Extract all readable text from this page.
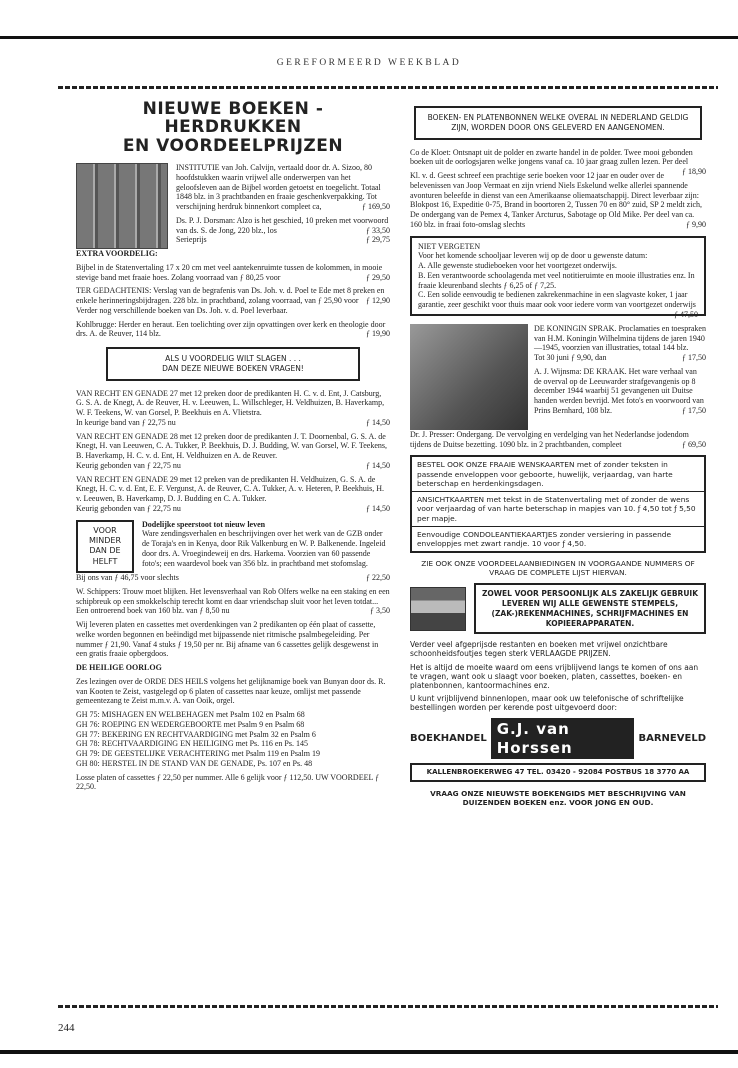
GEREFORMEERD WEEKBLAD
NIEUWE BOEKEN - HERDRUKKEN
EN VOORDEELPRIJZEN

INSTITUTIE van Joh. Calvijn, vertaald door dr. A. Sizoo, 80 hoofdstukken waarin vrijwel alle onderwerpen van het geloofsleven aan de Bijbel worden getoetst en toegelicht. Totaal 1848 blz. in 3 prachtbanden en fraaie geschenkverpakking. Tot verschijning herdruk binnenkort compleet ca,	ƒ 169,50

Ds. P. J. Dorsman: Alzo is het geschied, 10 preken met voorwoord van ds. S. de Jong, 220 blz., los	ƒ 33,50

Serieprijs	ƒ 29,75

EXTRA VOORDELIG:

Bijbel in de Statenvertaling 17 x 20 cm met veel aantekenruimte tussen de kolommen, in mooie stevige band met fraaie hoes. Zolang voorraad van ƒ 80,25 voor	ƒ 29,50

TER GEDACHTENIS: Verslag van de begrafenis van Ds. Joh. v. d. Poel te Ede met 8 preken en enkele herinneringsbijdragen. 228 blz. in prachtband, zolang voorraad, van ƒ 25,90 voor ƒ 12,90

Verder nog verschillende boeken van Ds. Joh. v. d. Poel leverbaar.

Kohlbrugge: Herder en heraut. Een toelichting over zijn opvattingen over kerk en theologie door drs. A. de Reuver, 114 blz.	ƒ 19,90

ALS U VOORDELIG WILT SLAGEN . . .
DAN DEZE NIEUWE BOEKEN VRAGEN!

VAN RECHT EN GENADE 27 met 12 preken door de predikanten H. C. v. d. Ent, J. Catsburg, G. S. A. de Knegt, A. de Reuver, H. v. Leeuwen, L. Willschleger, H. Veldhuizen, B. Haverkamp, W. F. Teekens, W. van Gorsel, P. Beekhuis en A. Vlietstra.
In keurige band van ƒ 22,75 nu	ƒ 14,50

VAN RECHT EN GENADE 28 met 12 preken door de predikanten J. T. Doornenbal, G. S. A. de Knegt, H. van Leeuwen, C. A. Tukker, P. Beekhuis, D. J. Budding, W. van Gorsel, W. F. Teekens, B. Haverkamp, H. C. v. d. Ent, H. Veldhuizen en A. de Reuver.
Keurig gebonden van ƒ 22,75 nu	ƒ 14,50

VAN RECHT EN GENADE 29 met 12 preken van de predikanten H. Veldhuizen, G. S. A. de Knegt, H. C. v. d. Ent, E. F. Vergunst, A. de Reuver, C. A. Tukker, A. v. Heteren, P. Beekhuis, H. v. Leeuwen, B. Haverkamp, D. J. Budding en C. A. Tukker.
Keurig gebonden van ƒ 22,75 nu	ƒ 14,50

VOOR MINDER DAN DE HELFT

Dodelijke speerstoot tot nieuw leven
Ware zendingsverhalen en beschrijvingen over het werk van de GZB onder de Toraja's en in Kenya, door Rik Valkenburg en W. P. Balkenende. Ingeleid door drs. A. Vroegindeweij en drs. Harkema. Voorzien van 60 passende foto's; een waardevol boek van 356 blz. in prachtband met stofomslag.

Bij ons van ƒ 46,75 voor slechts	ƒ 22,50

W. Schippers: Trouw moet blijken. Het levensverhaal van Rob Olfers welke na een staking en een schipbreuk op een smokkelschip terecht komt en daar vriendschap sluit voor het leven totdat... Een ontroerend boek van 160 blz. van ƒ 8,50 nu	ƒ 3,50

Wij leveren platen en cassettes met overdenkingen van 2 predikanten op één plaat of cassette, welke worden begonnen en beëindigd met bijpassende niet ritmische psalmbegeleiding. Per nummer ƒ 21,90. Vanaf 4 stuks ƒ 19,50 per nr. Bij afname van 6 cassettes gelijk desgewenst in een gratis fraaie opbergdoos.

DE HEILIGE OORLOG

Zes lezingen over de ORDE DES HEILS volgens het gelijknamige boek van Bunyan door ds. R. van Kooten te Zeist, vastgelegd op 6 platen of cassettes naar keuze, omlijst met passende gemeentezang te Zeist m.m.v. A. van Ooik, orgel.

GH 75: MISHAGEN EN WELBEHAGEN met Psalm 102 en Psalm 68
GH 76: ROEPING EN WEDERGEBOORTE met Psalm 9 en Psalm 68
GH 77: BEKERING EN RECHTVAARDIGING met Psalm 32 en Psalm 6
GH 78: RECHTVAARDIGING EN HEILIGING met Ps. 116 en Ps. 145
GH 79: DE GEESTELIJKE VERACHTERING met Psalm 119 en Psalm 19
GH 80: HERSTEL IN DE STAND VAN DE GENADE, Ps. 107 en Ps. 48

Losse platen of cassettes ƒ 22,50 per nummer. Alle 6 gelijk voor ƒ 112,50. UW VOORDEEL ƒ 22,50.

BOEKEN- EN PLATENBONNEN WELKE OVERAL IN NEDERLAND GELDIG ZIJN, WORDEN DOOR ONS GELEVERD EN AANGENOMEN.

Co de Kloet: Ontsnapt uit de polder en zwarte handel in de polder. Twee mooi gebonden boeken uit de oorlogsjaren welke jongens vanaf ca. 10 jaar graag zullen lezen. Per deel
ƒ 18,90

Kl. v. d. Geest schreef een prachtige serie boeken voor 12 jaar en ouder over de belevenissen van Joop Vermaat en zijn vriend Niels Eskelund welke allerlei spannende avonturen beleefde in dienst van een Amerikaanse oliemaatschappij. Direct leverbaar zijn: Blokpost 16, Expeditie 0-75, Brand in boortoren 2, Tussen 70 en 80° zuid, SP 2 meldt zich, De ondergang van de Pemex 4, Tanker Arcturus, Sabotage op Old Mike. Per deel van ca. 160 blz. in fraai foto-omslag slechts	ƒ 9,90

NIET VERGETEN
Voor het komende schooljaar leveren wij op de door u gewenste datum:
A. Alle gewenste studieboeken voor het voortgezet onderwijs.
B. Een verantwoorde schoolagenda met veel notitieruimte en mooie illustraties enz. In fraaie kleurenband slechts ƒ 6,25 of ƒ 7,25.
C. Een solide eenvoudig te bedienen zakrekenmachine in een slagvaste koker, 1 jaar garantie, zeer geschikt voor thuis maar ook voor iedere vorm van voortgezet onderwijs
ƒ 47,50

DE KONINGIN SPRAK. Proclamaties en toespraken van H.M. Koningin Wilhelmina tijdens de jaren 1940—1945, voorzien van illustraties, totaal 144 blz.
Tot 30 juni ƒ 9,90, dan	ƒ 17,50

A. J. Wijnsma: DE KRAAK. Het ware verhaal van de overval op de Leeuwarder strafgevangenis op 8 december 1944 waarbij 51 gevangenen uit Duitse handen werden bevrijd. Met foto's en voorwoord van Prins Bernhard, 108 blz.	ƒ 17,50

Dr. J. Presser: Ondergang. De vervolging en verdelging van het Nederlandse jodendom tijdens de Duitse bezetting. 1090 blz. in 2 prachtbanden, compleet	ƒ 69,50

BESTEL OOK ONZE FRAAIE WENSKAARTEN met of zonder teksten in passende enveloppen voor geboorte, huwelijk, verjaardag, van harte beterschap en herdenkingsdagen.
ANSICHTKAARTEN met tekst in de Statenvertaling met of zonder de wens voor verjaardag of van harte beterschap in mapjes van 10. ƒ 4,50 tot ƒ 5,50 per mapje.
Eenvoudige CONDOLEANTIEKAARTJES zonder versiering in passende enveloppjes met zwart randje. 10 voor ƒ 4,50.
ZIE OOK ONZE VOORDEELAANBIEDINGEN IN VOORGAANDE NUMMERS OF VRAAG DE COMPLETE LIJST HIERVAN.
ZOWEL VOOR PERSOONLIJK ALS ZAKELIJK GEBRUIK LEVEREN WIJ ALLE GEWENSTE STEMPELS, (ZAK-)REKENMACHINES, SCHRIJFMACHINES EN KOPIEERAPPARATEN.

Verder veel afgeprijsde restanten en boeken met vrijwel onzichtbare schoonheidsfoutjes tegen sterk VERLAAGDE PRIJZEN.

Het is altijd de moeite waard om eens vrijblijvend langs te komen of ons aan te vragen, want ook u slaagt voor boeken, platen, cassettes, boeken- en platenbonnen, kantoormachines enz.

U kunt vrijblijvend binnenlopen, maar ook uw telefonische of schriftelijke bestellingen worden per kerende post uitgevoerd door:

BOEKHANDEL G.J. van Horssen
BARNEVELD
KALLENBROEKERWEG 47 TEL. 03420 - 92084 POSTBUS 18 3770 AA
VRAAG ONZE NIEUWSTE BOEKENGIDS MET BESCHRIJVING VAN DUIZENDEN BOEKEN enz. VOOR JONG EN OUD.
244
